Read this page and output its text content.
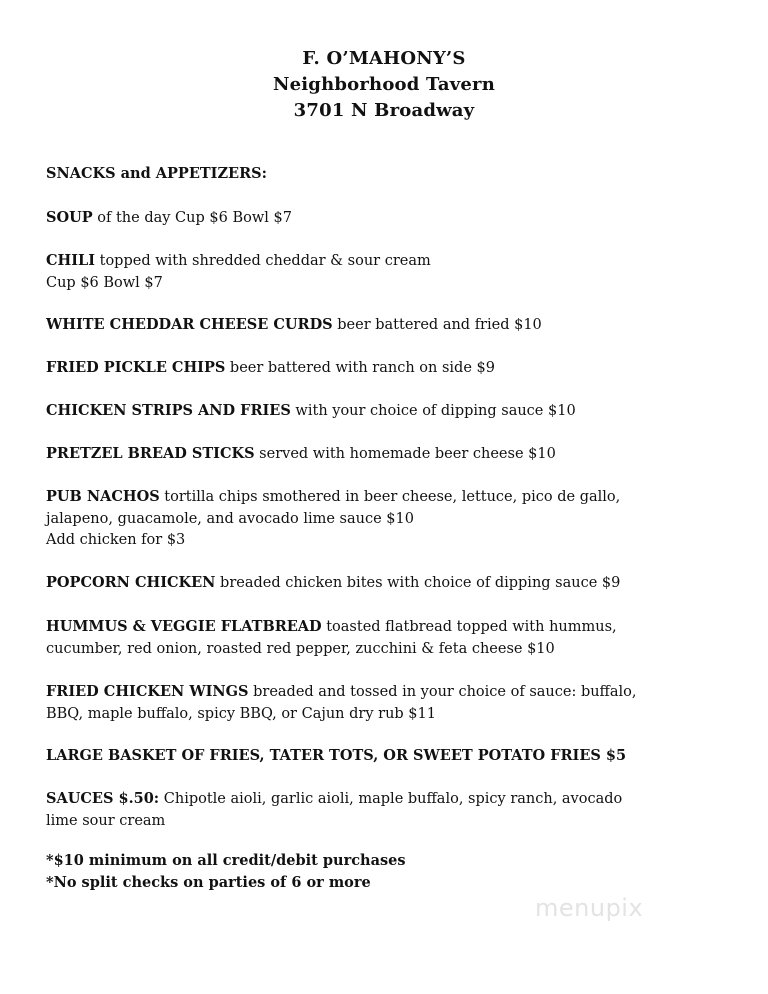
F. O’MAHONY’S
Neighborhood Tavern
3701 N Broadway
SNACKS and APPETIZERS:
SOUP of the day Cup $6 Bowl $7
CHILI topped with shredded cheddar & sour cream
Cup $6 Bowl $7
WHITE CHEDDAR CHEESE CURDS beer battered and fried $10
FRIED PICKLE CHIPS beer battered with ranch on side $9
CHICKEN STRIPS AND FRIES with your choice of dipping sauce $10
PRETZEL BREAD STICKS served with homemade beer cheese $10
PUB NACHOS tortilla chips smothered in beer cheese, lettuce, pico de gallo,
jalapeno, guacamole, and avocado lime sauce $10
Add chicken for $3
POPCORN CHICKEN breaded chicken bites with choice of dipping sauce $9
HUMMUS & VEGGIE FLATBREAD toasted flatbread topped with hummus,
cucumber, red onion, roasted red pepper, zucchini & feta cheese $10
FRIED CHICKEN WINGS breaded and tossed in your choice of sauce: buffalo,
BBQ, maple buffalo, spicy BBQ, or Cajun dry rub $11
LARGE BASKET OF FRIES, TATER TOTS, OR SWEET POTATO FRIES $5
SAUCES $.50: Chipotle aioli, garlic aioli, maple buffalo, spicy ranch, avocado
lime sour cream
*$10 minimum on all credit/debit purchases
*No split checks on parties of 6 or more
menupix
